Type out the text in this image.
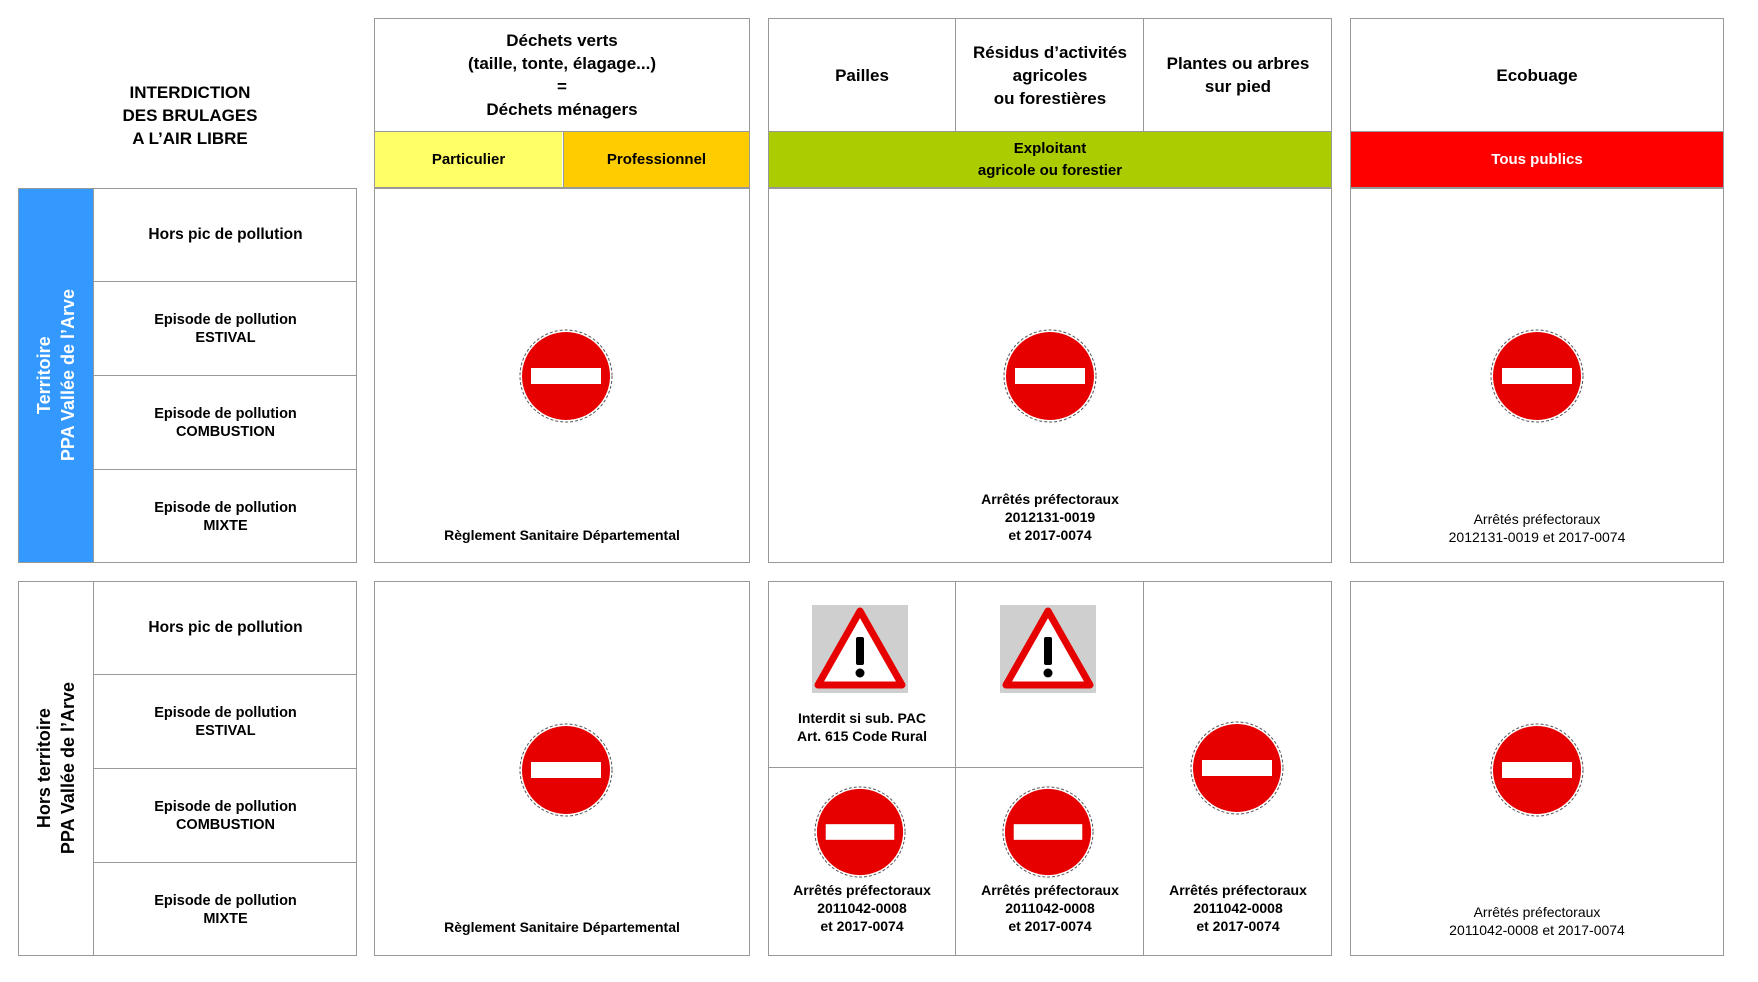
INTERDICTION
DES BRULAGES
A L’AIR LIBRE
Déchets verts
(taille, tonte, élagage...)
=
Déchets ménagers
Particulier	Professionnel
Pailles
Résidus d’activités
agricoles
ou forestières
Plantes ou arbres
sur pied
Exploitant
agricole ou forestier
Ecobuage
Tous publics
Territoire
PPA Vallée de l’Arve
Hors pic de pollution
Episode de pollution
ESTIVAL
Episode de pollution
COMBUSTION
Episode de pollution
MIXTE
Règlement Sanitaire Départemental
Arrêtés préfectoraux
2012131-0019
et 2017-0074
Arrêtés préfectoraux
2012131-0019 et 2017-0074
Hors territoire
PPA Vallée de l’Arve
Hors pic de pollution
Episode de pollution
ESTIVAL
Episode de pollution
COMBUSTION
Episode de pollution
MIXTE
Règlement Sanitaire Départemental
Interdit si sub. PAC
Art. 615 Code Rural
Arrêtés préfectoraux
2011042-0008
et 2017-0074
Arrêtés préfectoraux
2011042-0008
et 2017-0074
Arrêtés préfectoraux
2011042-0008
et 2017-0074
Arrêtés préfectoraux
2011042-0008 et 2017-0074
